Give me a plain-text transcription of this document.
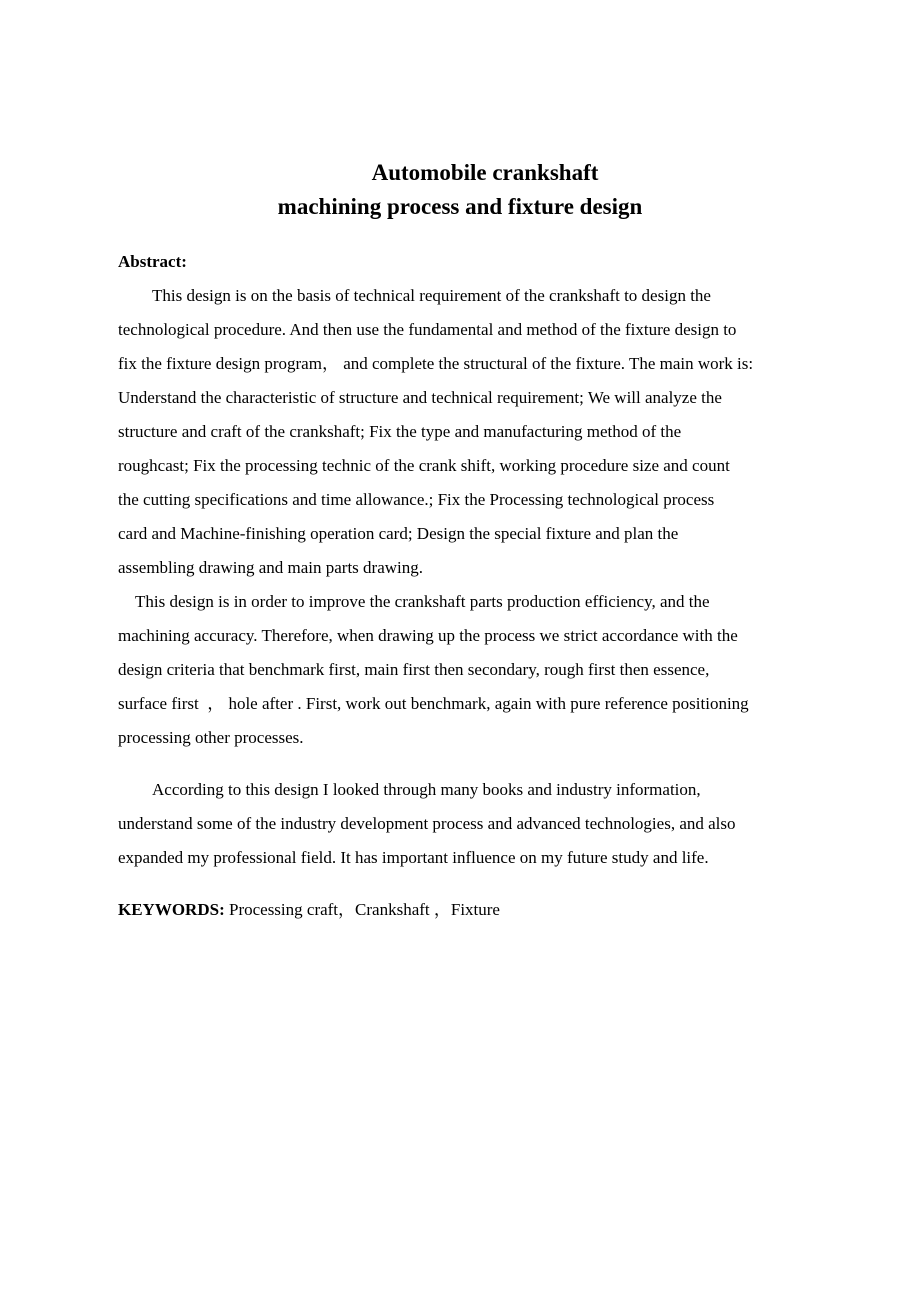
Automobile crankshaft
machining process and fixture design
Abstract:
This design is on the basis of technical requirement of the crankshaft to design the
technological procedure. And then use the fundamental and method of the fixture design to
fix the fixture design program， and complete the structural of the fixture. The main work is:
Understand the characteristic of structure and technical requirement; We will analyze the
structure and craft of the crankshaft; Fix the type and manufacturing method of the
roughcast; Fix the processing technic of the crank shift, working procedure size and count
the cutting specifications and time allowance.; Fix the Processing technological process
card and Machine-finishing operation card; Design the special fixture and plan the
assembling drawing and main parts drawing.
This design is in order to improve the crankshaft parts production efficiency, and the
machining accuracy. Therefore, when drawing up the process we strict accordance with the
design criteria that benchmark first, main first then secondary, rough first then essence,
surface first  ， hole after . First, work out benchmark, again with pure reference positioning
processing other processes.
According to this design I looked through many books and industry information,
understand some of the industry development process and advanced technologies, and also
expanded my professional field. It has important influence on my future study and life.
KEYWORDS: Processing craft，Crankshaft ，Fixture
